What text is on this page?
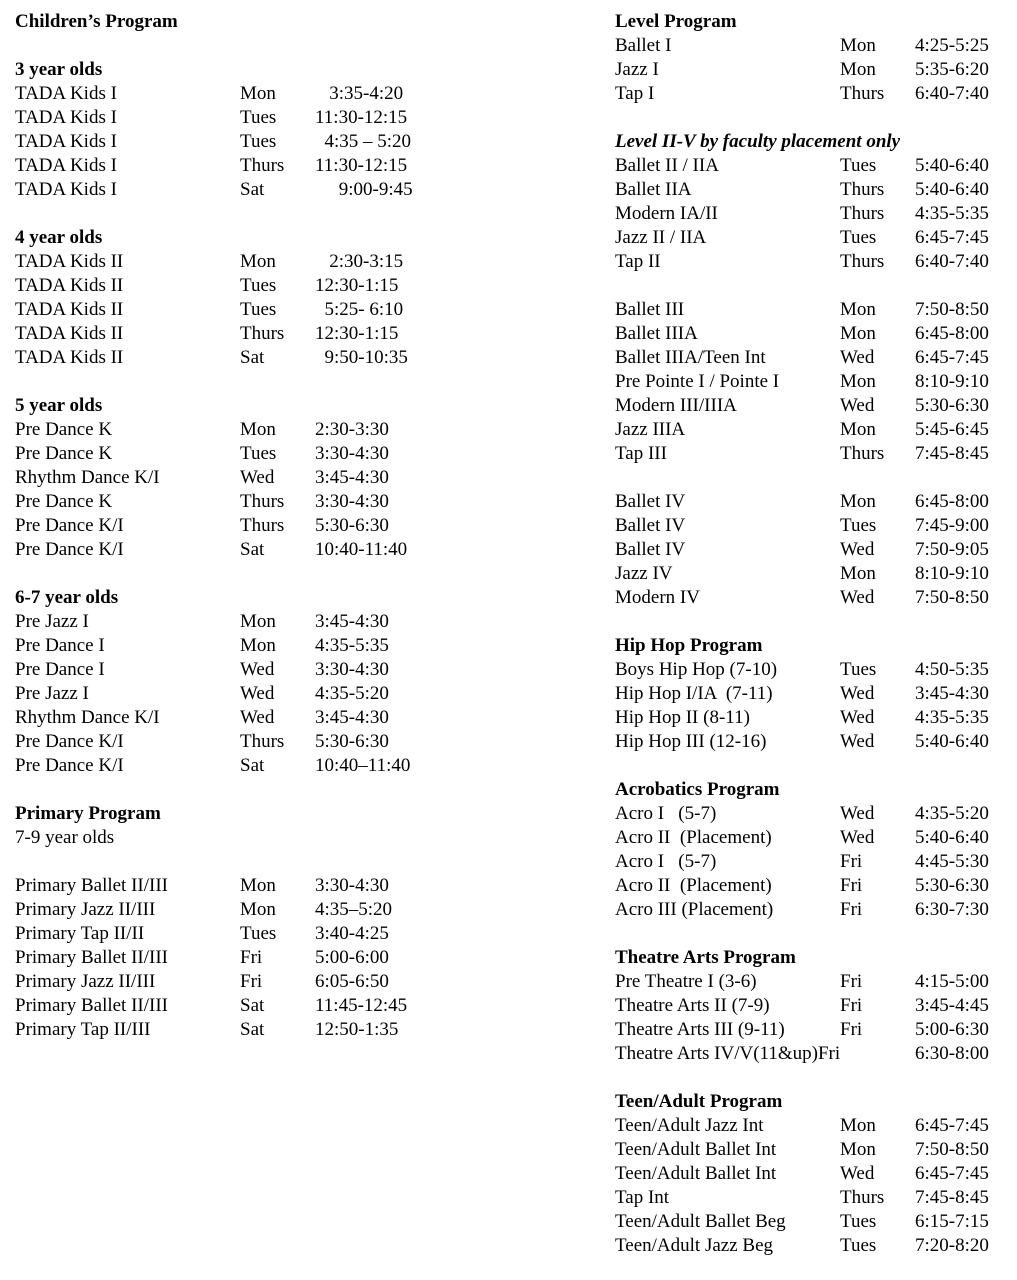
Children’s Program
3 year olds
TADA Kids I	Mon 3:35-4:20
TADA Kids I	Tues 11:30-12:15
TADA Kids I	Tues 4:35 – 5:20
TADA Kids I	Thurs 11:30-12:15
TADA Kids I	Sat	9:00-9:45
4 year olds
TADA Kids II	Mon 2:30-3:15
TADA Kids II	Tues 12:30-1:15
TADA Kids II	Tues 5:25- 6:10
TADA Kids II	Thurs 12:30-1:15
TADA Kids II	Sat	9:50-10:35
5 year olds
Pre Dance K	Mon 2:30-3:30
Pre Dance K	Tues 3:30-4:30
Rhythm Dance K/I	Wed 3:45-4:30
Pre Dance K	Thurs 3:30-4:30
Pre Dance K/I	Thurs 5:30-6:30
Pre Dance K/I	Sat	10:40-11:40
6-7 year olds
Pre Jazz I	Mon 3:45-4:30
Pre Dance I	Mon 4:35-5:35
Pre Dance I	Wed 3:30-4:30
Pre Jazz I	Wed 4:35-5:20
Rhythm Dance K/I	Wed 3:45-4:30
Pre Dance K/I	Thurs 5:30-6:30
Pre Dance K/I	Sat	10:40–11:40
Primary Program
7-9 year olds
Primary Ballet II/III	Mon 3:30-4:30
Primary Jazz II/III	Mon 4:35–5:20
Primary Tap II/II	Tues 3:40-4:25
Primary Ballet II/III	Fri	5:00-6:00
Primary Jazz II/III	Fri	6:05-6:50
Primary Ballet II/III	Sat	11:45-12:45
Primary Tap II/III	Sat	12:50-1:35
Level Program
Ballet I	Mon 4:25-5:25
Jazz I	Mon 5:35-6:20
Tap I	Thurs 6:40-7:40
Level II-V by faculty placement only
Ballet II / IIA	Tues 5:40-6:40
Ballet IIA	Thurs 5:40-6:40
Modern IA/II	Thurs 4:35-5:35
Jazz II / IIA	Tues 6:45-7:45
Tap II	Thurs 6:40-7:40
Ballet III	Mon 7:50-8:50
Ballet IIIA	Mon 6:45-8:00
Ballet IIIA/Teen Int	Wed 6:45-7:45
Pre Pointe I / Pointe I	Mon 8:10-9:10
Modern III/IIIA	Wed 5:30-6:30
Jazz IIIA	Mon 5:45-6:45
Tap III	Thurs 7:45-8:45
Ballet IV	Mon 6:45-8:00
Ballet IV	Tues 7:45-9:00
Ballet IV	Wed 7:50-9:05
Jazz IV	Mon 8:10-9:10
Modern IV	Wed 7:50-8:50
Hip Hop Program
Boys Hip Hop (7-10)	Tues 4:50-5:35
Hip Hop I/IA  (7-11)	Wed 3:45-4:30
Hip Hop II (8-11)	Wed 4:35-5:35
Hip Hop III (12-16)	Wed 5:40-6:40
Acrobatics Program
Acro I   (5-7)	Wed 4:35-5:20
Acro II  (Placement)	Wed 5:40-6:40
Acro I   (5-7)	Fri	4:45-5:30
Acro II  (Placement)	Fri	5:30-6:30
Acro III (Placement)	Fri	6:30-7:30
Theatre Arts Program
Pre Theatre I (3-6)	Fri	4:15-5:00
Theatre Arts II (7-9)	Fri	3:45-4:45
Theatre Arts III (9-11)	Fri	5:00-6:30
Theatre Arts IV/V(11&up)Fri	6:30-8:00
Teen/Adult Program
Teen/Adult Jazz Int	Mon 6:45-7:45
Teen/Adult Ballet Int	Mon 7:50-8:50
Teen/Adult Ballet Int	Wed 6:45-7:45
Tap Int	Thurs 7:45-8:45
Teen/Adult Ballet Beg	Tues 6:15-7:15
Teen/Adult Jazz Beg	Tues 7:20-8:20
